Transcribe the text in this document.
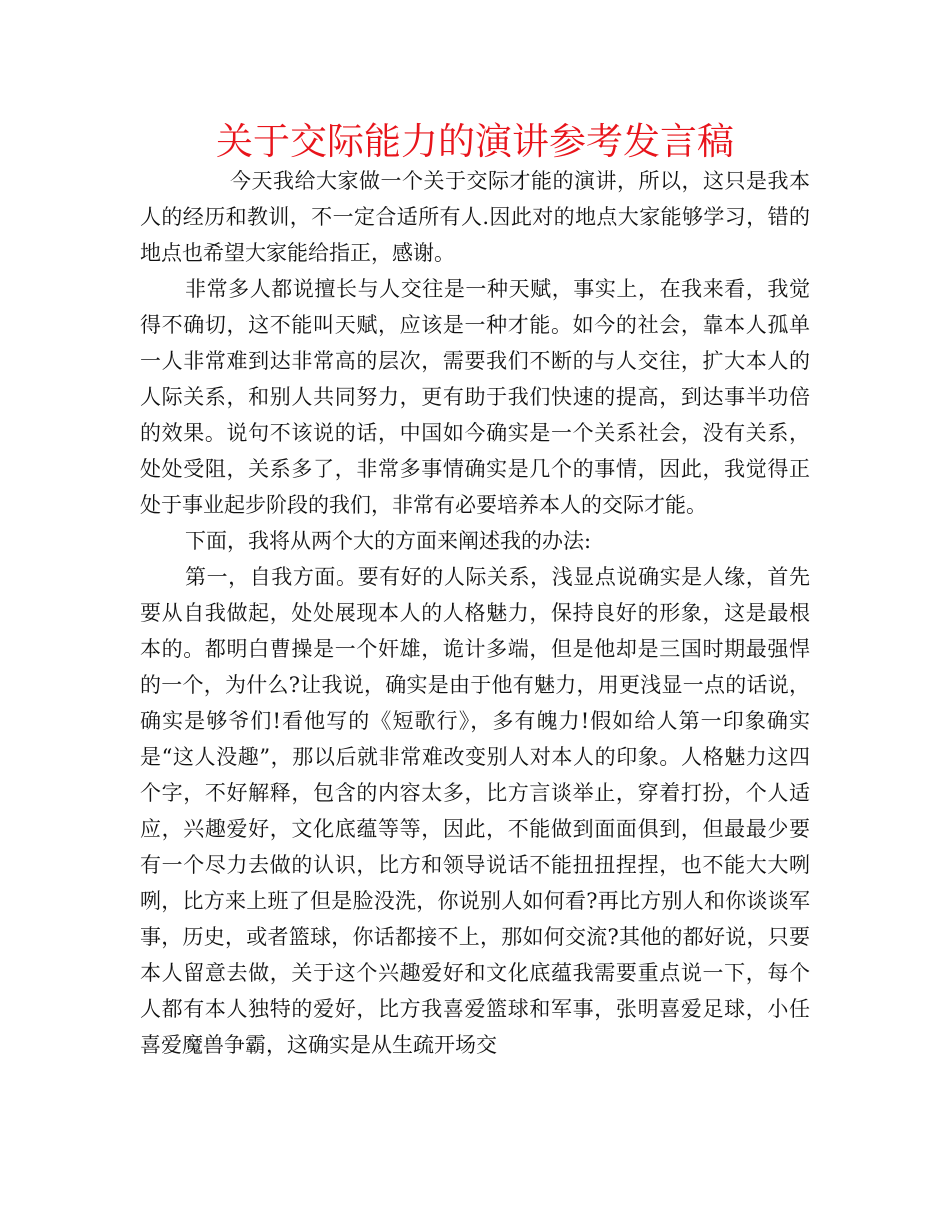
关于交际能力的演讲参考发言稿

今天我给大家做一个关于交际才能的演讲，所以，这只是我本人的经历和教训，不一定合适所有人.因此对的地点大家能够学习，错的地点也希望大家能给指正，感谢。

非常多人都说擅长与人交往是一种天赋，事实上，在我来看，我觉得不确切，这不能叫天赋，应该是一种才能。如今的社会，靠本人孤单一人非常难到达非常高的层次，需要我们不断的与人交往，扩大本人的人际关系，和别人共同努力，更有助于我们快速的提高，到达事半功倍的效果。说句不该说的话，中国如今确实是一个关系社会，没有关系，处处受阻，关系多了，非常多事情确实是几个的事情，因此，我觉得正处于事业起步阶段的我们，非常有必要培养本人的交际才能。

下面，我将从两个大的方面来阐述我的办法:

第一，自我方面。要有好的人际关系，浅显点说确实是人缘，首先要从自我做起，处处展现本人的人格魅力，保持良好的形象，这是最根本的。都明白曹操是一个奸雄，诡计多端，但是他却是三国时期最强悍的一个，为什么?让我说，确实是由于他有魅力，用更浅显一点的话说，确实是够爷们!看他写的《短歌行》，多有魄力!假如给人第一印象确实是“这人没趣”，那以后就非常难改变别人对本人的印象。人格魅力这四个字，不好解释，包含的内容太多，比方言谈举止，穿着打扮，个人适应，兴趣爱好，文化底蕴等等，因此，不能做到面面俱到，但最最少要有一个尽力去做的认识，比方和领导说话不能扭扭捏捏，也不能大大咧咧，比方来上班了但是脸没洗，你说别人如何看?再比方别人和你谈谈军事，历史，或者篮球，你话都接不上，那如何交流?其他的都好说，只要本人留意去做，关于这个兴趣爱好和文化底蕴我需要重点说一下，每个人都有本人独特的爱好，比方我喜爱篮球和军事，张明喜爱足球，小任喜爱魔兽争霸，这确实是从生疏开场交
